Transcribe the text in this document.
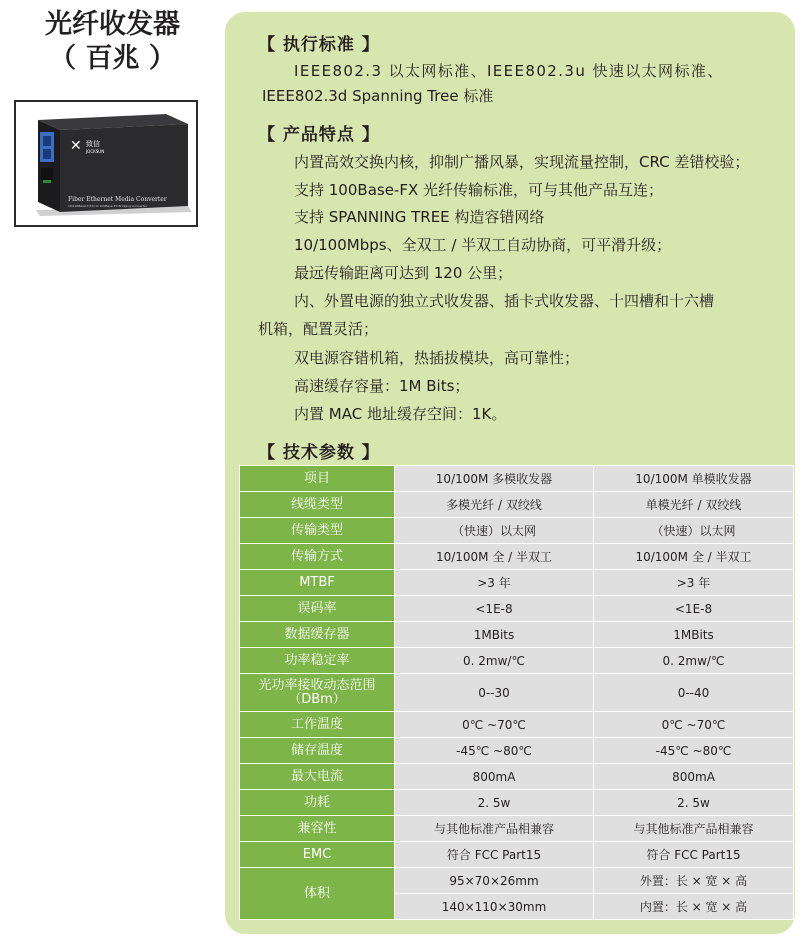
光纤收发器
（ 百兆 ）
✕ 致信
JOCKSUN
Fiber Ethernet Media Converter
10/100Base-T(TX) to 100Base-FX Bridging Converter
【 执行标准 】
IEEE802.3 以太网标准、IEEE802.3u 快速以太网标准、
IEEE802.3d Spanning Tree 标准
【 产品特点 】
内置高效交换内核，抑制广播风暴，实现流量控制，CRC 差错校验；
支持 100Base-FX 光纤传输标准，可与其他产品互连；
支持 SPANNING TREE 构造容错网络
10/100Mbps、全双工 / 半双工自动协商，可平滑升级；
最远传输距离可达到 120 公里；
内、外置电源的独立式收发器、插卡式收发器、十四槽和十六槽
机箱，配置灵活；
双电源容错机箱，热插拔模块，高可靠性；
高速缓存容量：1M Bits；
内置 MAC 地址缓存空间：1K。
【 技术参数 】
项目	10/100M 多模收发器	10/100M 单模收发器
线缆类型	多模光纤 / 双绞线	单模光纤 / 双绞线
传输类型	（快速）以太网	（快速）以太网
传输方式	10/100M 全 / 半双工	10/100M 全 / 半双工
MTBF	>3 年	>3 年
误码率	<1E-8	<1E-8
数据缓存器	1MBits	1MBits
功率稳定率	0. 2mw/℃	0. 2mw/℃
光功率接收动态范围（DBm）	0--30	0--40
工作温度	0℃ ~70℃	0℃ ~70℃
储存温度	-45℃ ~80℃	-45℃ ~80℃
最大电流	800mA	800mA
功耗	2. 5w	2. 5w
兼容性	与其他标准产品相兼容	与其他标准产品相兼容
EMC	符合 FCC Part15	符合 FCC Part15
体积	95×70×26mm	外置：长 × 宽 × 高
	140×110×30mm	内置：长 × 宽 × 高
